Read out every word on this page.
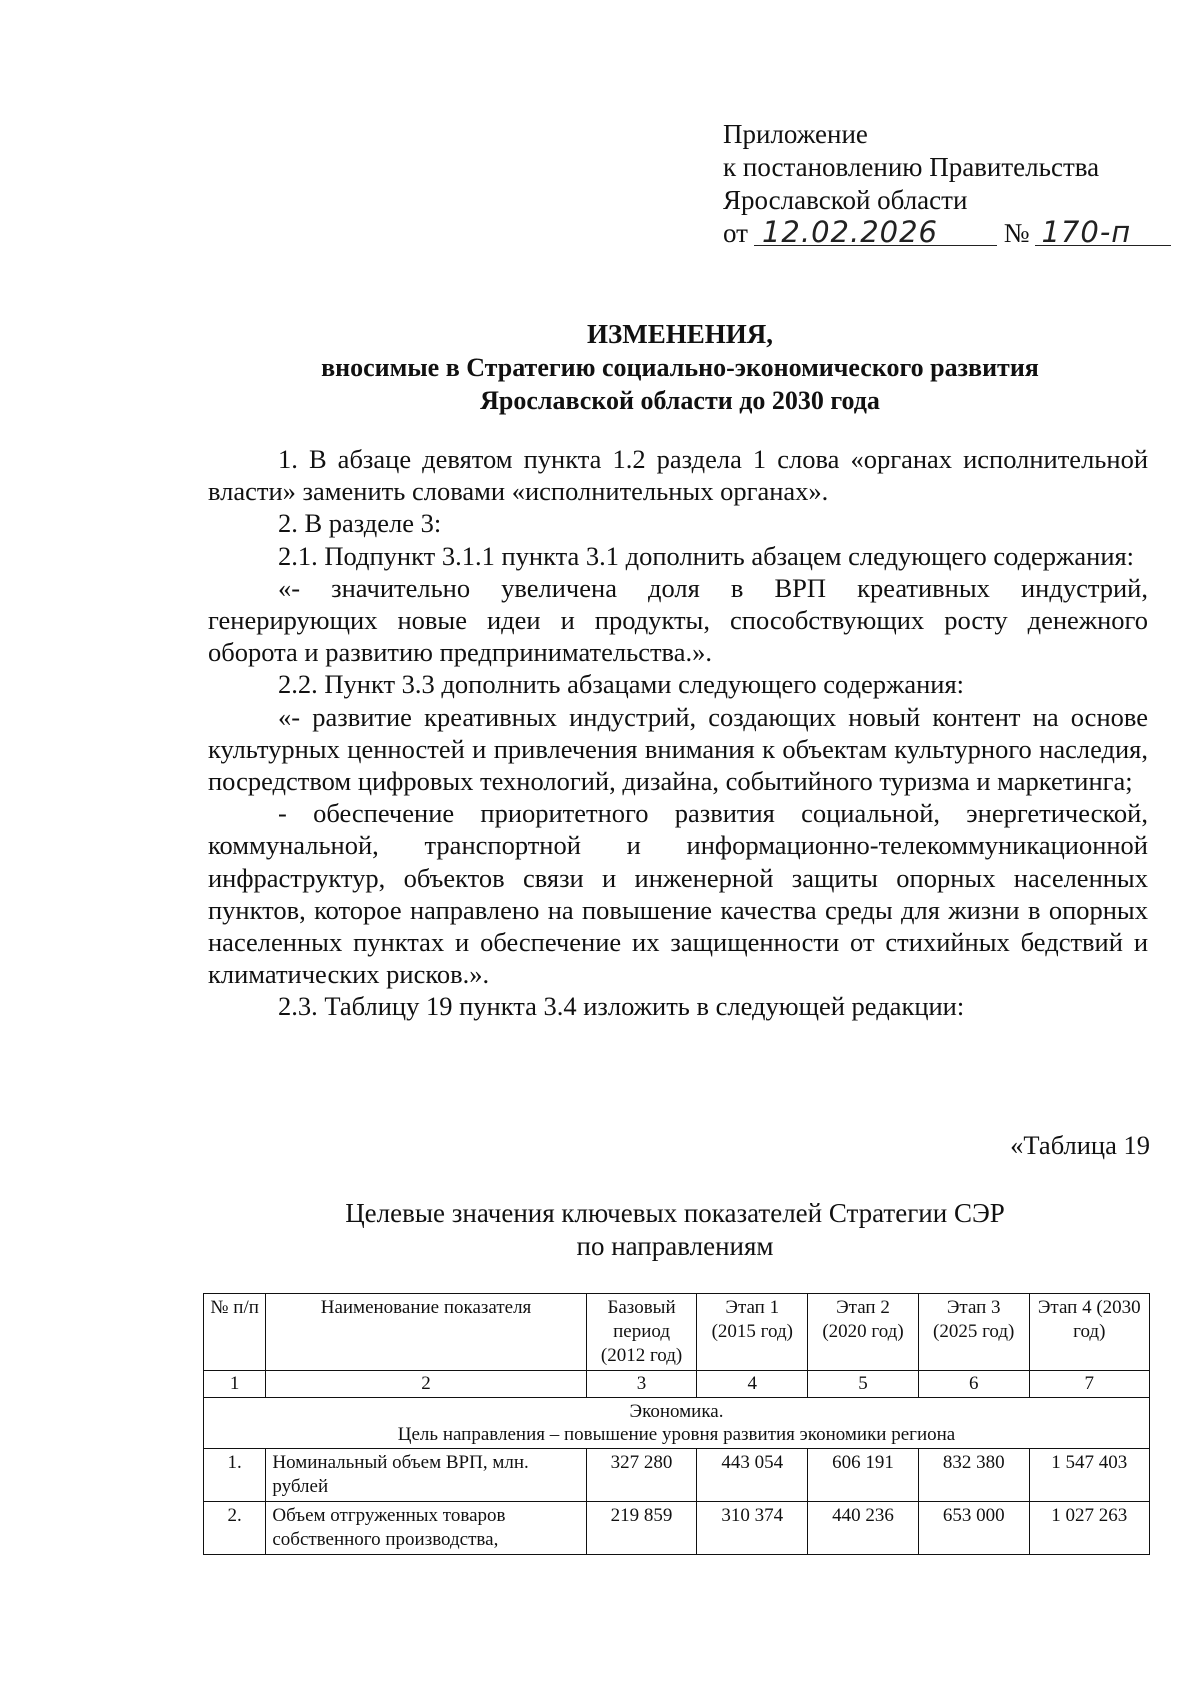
Приложение
к постановлению Правительства
Ярославской области
от 12.02.2026 № 170-п
ИЗМЕНЕНИЯ,
вносимые в Стратегию социально-экономического развития
Ярославской области до 2030 года

1. В абзаце девятом пункта 1.2 раздела 1 слова «органах исполнительной власти» заменить словами «исполнительных органах».

2. В разделе 3:

2.1. Подпункт 3.1.1 пункта 3.1 дополнить абзацем следующего содержания:

«- значительно увеличена доля в ВРП креативных индустрий, генерирующих новые идеи и продукты, способствующих росту денежного оборота и развитию предпринимательства.».

2.2. Пункт 3.3 дополнить абзацами следующего содержания:

«- развитие креативных индустрий, создающих новый контент на основе культурных ценностей и привлечения внимания к объектам культурного наследия, посредством цифровых технологий, дизайна, событийного туризма и маркетинга;

- обеспечение приоритетного развития социальной, энергетической, коммунальной, транспортной и информационно-телекоммуникационной инфраструктур, объектов связи и инженерной защиты опорных населенных пунктов, которое направлено на повышение качества среды для жизни в опорных населенных пунктах и обеспечение их защищенности от стихийных бедствий и климатических рисков.».

2.3. Таблицу 19 пункта 3.4 изложить в следующей редакции:

«Таблица 19
Целевые значения ключевых показателей Стратегии СЭР
по направлениям
№ п/п	Наименование показателя	Базовый период (2012 год)	Этап 1 (2015 год)	Этап 2 (2020 год)	Этап 3 (2025 год)	Этап 4 (2030 год)
1	2	3	4	5	6	7

Экономика.
Цель направления – повышение уровня развития экономики региона						

1.	Номинальный объем ВРП, млн. рублей	327 280	443 054	606 191	832 380	1 547 403
2.	Объем отгруженных товаров собственного производства,	219 859	310 374	440 236	653 000	1 027 263
